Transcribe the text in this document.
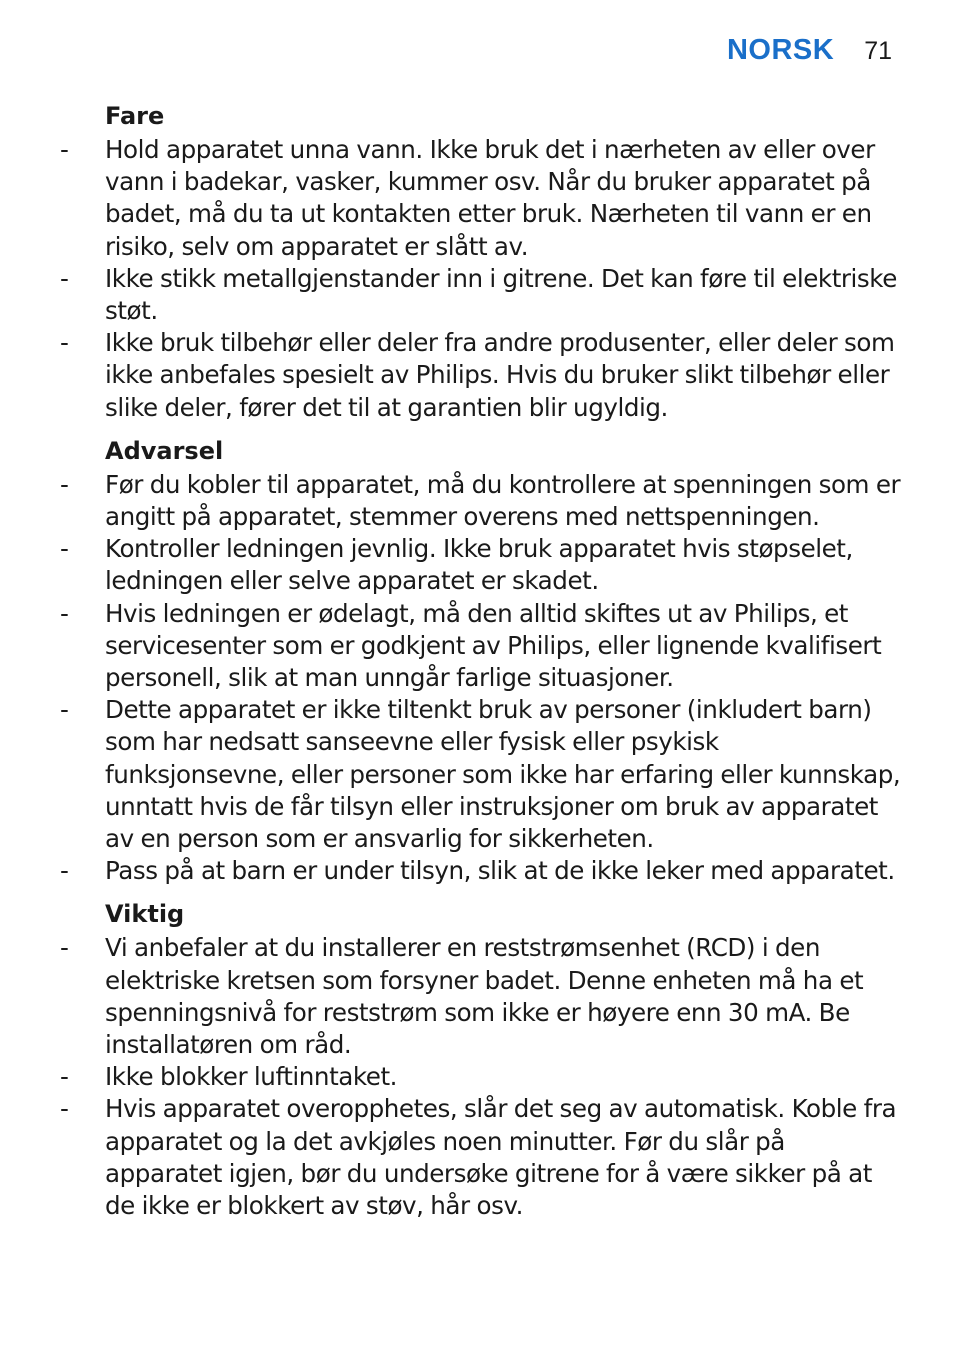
NORSK 71
Fare
- Hold apparatet unna vann. Ikke bruk det i nærheten av eller over vann i badekar, vasker, kummer osv. Når du bruker apparatet på badet, må du ta ut kontakten etter bruk. Nærheten til vann er en risiko, selv om apparatet er slått av.
- Ikke stikk metallgjenstander inn i gitrene. Det kan føre til elektriske støt.
- Ikke bruk tilbehør eller deler fra andre produsenter, eller deler som ikke anbefales spesielt av Philips. Hvis du bruker slikt tilbehør eller slike deler, fører det til at garantien blir ugyldig.
Advarsel
- Før du kobler til apparatet, må du kontrollere at spenningen som er angitt på apparatet, stemmer overens med nettspenningen.
- Kontroller ledningen jevnlig. Ikke bruk apparatet hvis støpselet, ledningen eller selve apparatet er skadet.
- Hvis ledningen er ødelagt, må den alltid skiftes ut av Philips, et servicesenter som er godkjent av Philips, eller lignende kvalifisert personell, slik at man unngår farlige situasjoner.
- Dette apparatet er ikke tiltenkt bruk av personer (inkludert barn) som har nedsatt sanseevne eller fysisk eller psykisk funksjonsevne, eller personer som ikke har erfaring eller kunnskap, unntatt hvis de får tilsyn eller instruksjoner om bruk av apparatet av en person som er ansvarlig for sikkerheten.
- Pass på at barn er under tilsyn, slik at de ikke leker med apparatet.
Viktig
- Vi anbefaler at du installerer en reststrømsenhet (RCD) i den elektriske kretsen som forsyner badet. Denne enheten må ha et spenningsnivå for reststrøm som ikke er høyere enn 30 mA. Be installatøren om råd.
- Ikke blokker luftinntaket.
- Hvis apparatet overopphetes, slår det seg av automatisk. Koble fra apparatet og la det avkjøles noen minutter. Før du slår på apparatet igjen, bør du undersøke gitrene for å være sikker på at de ikke er blokkert av støv, hår osv.
